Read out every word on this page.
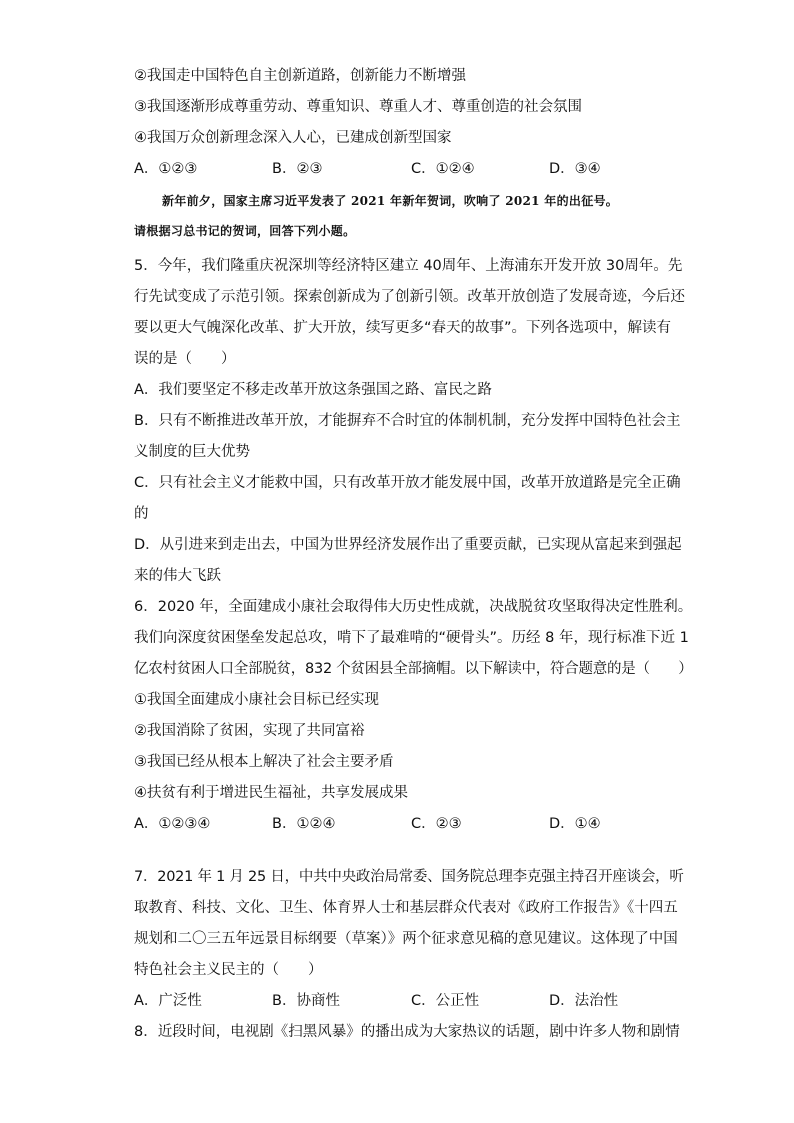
②我国走中国特色自主创新道路，创新能力不断增强
③我国逐渐形成尊重劳动、尊重知识、尊重人才、尊重创造的社会氛围
④我国万众创新理念深入人心，已建成创新型国家
A．①②③	B．②③	C．①②④	D．③④
新年前夕，国家主席习近平发表了 2021 年新年贺词，吹响了 2021 年的出征号。
请根据习总书记的贺词，回答下列小题。
5．今年，我们隆重庆祝深圳等经济特区建立 40周年、上海浦东开发开放 30周年。先
行先试变成了示范引领。探索创新成为了创新引领。改革开放创造了发展奇迹，今后还
要以更大气魄深化改革、扩大开放，续写更多“春天的故事”。下列各选项中，解读有
误的是（　　）
A．我们要坚定不移走改革开放这条强国之路、富民之路
B．只有不断推进改革开放，才能摒弃不合时宜的体制机制，充分发挥中国特色社会主
义制度的巨大优势
C．只有社会主义才能救中国，只有改革开放才能发展中国，改革开放道路是完全正确
的
D．从引进来到走出去，中国为世界经济发展作出了重要贡献，已实现从富起来到强起
来的伟大飞跃
6．2020 年，全面建成小康社会取得伟大历史性成就，决战脱贫攻坚取得决定性胜利。
我们向深度贫困堡垒发起总攻，啃下了最难啃的“硬骨头”。历经 8 年，现行标准下近 1
亿农村贫困人口全部脱贫，832 个贫困县全部摘帽。以下解读中，符合题意的是（　　）
①我国全面建成小康社会目标已经实现
②我国消除了贫困，实现了共同富裕
③我国已经从根本上解决了社会主要矛盾
④扶贫有利于增进民生福祉，共享发展成果
A．①②③④	B．①②④	C．②③	D．①④
7．2021 年 1 月 25 日，中共中央政治局常委、国务院总理李克强主持召开座谈会，听
取教育、科技、文化、卫生、体育界人士和基层群众代表对《政府工作报告》《十四五
规划和二〇三五年远景目标纲要（草案）》两个征求意见稿的意见建议。这体现了中国
特色社会主义民主的（　　）
A．广泛性	B．协商性	C．公正性	D．法治性
8．近段时间，电视剧《扫黑风暴》的播出成为大家热议的话题，剧中许多人物和剧情
